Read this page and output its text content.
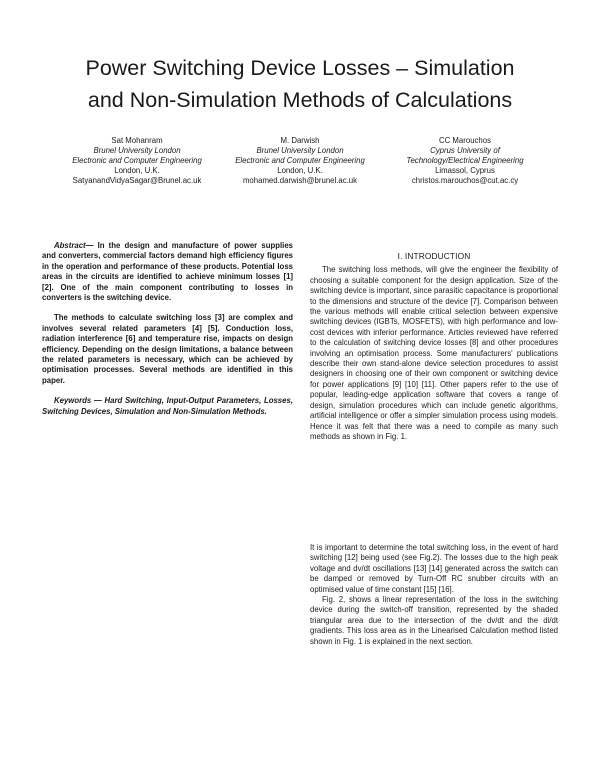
Power Switching Device Losses – Simulation
and Non-Simulation Methods of Calculations
Sat Mohanram
Brunel University London
Electronic and Computer Engineering
London, U.K.
SatyanandVidyaSagar@Brunel.ac.uk
M. Darwish
Brunel University London
Electronic and Computer Engineering
London, U.K.
mohamed.darwish@brunel.ac.uk
CC Marouchos
Cyprus University of
Technology/Electrical Engineering
Limassol, Cyprus
christos.marouchos@cut.ac.cy

Abstract— In the design and manufacture of power supplies and converters, commercial factors demand high efficiency figures in the operation and performance of these products. Potential loss areas in the circuits are identified to achieve minimum losses [1] [2]. One of the main component contributing to losses in converters is the switching device.

The methods to calculate switching loss [3] are complex and involves several related parameters [4] [5]. Conduction loss, radiation interference [6] and temperature rise, impacts on design efficiency. Depending on the design limitations, a balance between the related parameters is necessary, which can be achieved by optimisation processes. Several methods are identified in this paper.

Keywords — Hard Switching, Input-Output Parameters, Losses, Switching Devices, Simulation and Non-Simulation Methods.

I. INTRODUCTION

The switching loss methods, will give the engineer the flexibility of choosing a suitable component for the design application. Size of the switching device is important, since parasitic capacitance is proportional to the dimensions and structure of the device [7]. Comparison between the various methods will enable critical selection between expensive switching devices (IGBTs, MOSFETS), with high performance and low-cost devices with inferior performance. Articles reviewed have referred to the calculation of switching device losses [8] and other procedures involving an optimisation process. Some manufacturers' publications describe their own stand-alone device selection procedures to assist designers in choosing one of their own component or switching device for power applications [9] [10] [11]. Other papers refer to the use of popular, leading-edge application software that covers a range of design, simulation procedures which can include genetic algorithms, artificial intelligence or offer a simpler simulation process using models. Hence it was felt that there was a need to compile as many such methods as shown in Fig. 1.

It is important to determine the total switching loss, in the event of hard switching [12] being used (see Fig.2). The losses due to the high peak voltage and dv/dt oscillations [13] [14] generated across the switch can be damped or removed by Turn-Off RC snubber circuits with an optimised value of time constant [15] [16].

Fig. 2, shows a linear representation of the loss in the switching device during the switch-off transition, represented by the shaded triangular area due to the intersection of the dv/dt and the di/dt gradients. This loss area as in the Linearised Calculation method listed shown in Fig. 1 is explained in the next section.
